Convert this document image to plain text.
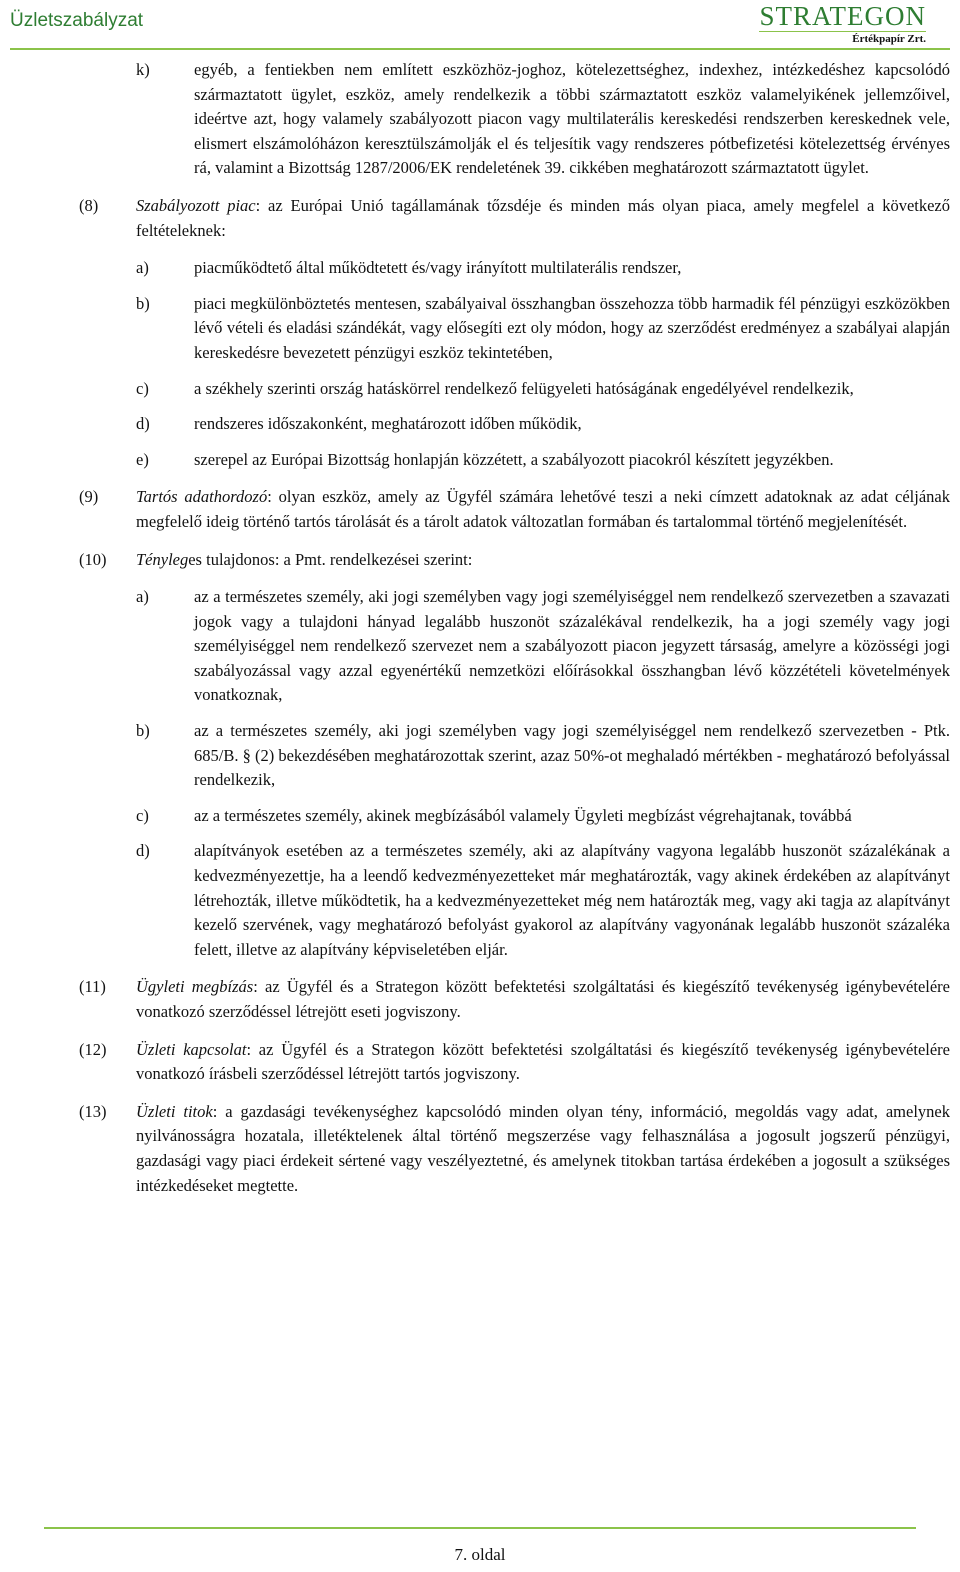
Üzletszabályzat	STRATEGON
Értékpapír Zrt.
k)	egyéb, a fentiekben nem említett eszközhöz-joghoz, kötelezettséghez, indexhez, intézkedéshez kapcsolódó származtatott ügylet, eszköz, amely rendelkezik a többi származtatott eszköz valamelyikének jellemzőivel, ideértve azt, hogy valamely szabályozott piacon vagy multilaterális kereskedési rendszerben kereskednek vele, elismert elszámolóházon keresztülszámolják el és teljesítik vagy rendszeres pótbefizetési kötelezettség érvényes rá, valamint a Bizottság 1287/2006/EK rendeletének 39. cikkében meghatározott származtatott ügylet.
(8)	Szabályozott piac: az Európai Unió tagállamának tőzsdéje és minden más olyan piaca, amely megfelel a következő feltételeknek:
a)	piacműködtető által működtetett és/vagy irányított multilaterális rendszer,
b)	piaci megkülönböztetés mentesen, szabályaival összhangban összehozza több harmadik fél pénzügyi eszközökben lévő vételi és eladási szándékát, vagy elősegíti ezt oly módon, hogy az szerződést eredményez a szabályai alapján kereskedésre bevezetett pénzügyi eszköz tekintetében,
c)	a székhely szerinti ország hatáskörrel rendelkező felügyeleti hatóságának engedélyével rendelkezik,
d)	rendszeres időszakonként, meghatározott időben működik,
e)	szerepel az Európai Bizottság honlapján közzétett, a szabályozott piacokról készített jegyzékben.
(9)	Tartós adathordozó: olyan eszköz, amely az Ügyfél számára lehetővé teszi a neki címzett adatoknak az adat céljának megfelelő ideig történő tartós tárolását és a tárolt adatok változatlan formában és tartalommal történő megjelenítését.
(10)	Tényleges tulajdonos: a Pmt. rendelkezései szerint:
a)	az a természetes személy, aki jogi személyben vagy jogi személyiséggel nem rendelkező szervezetben a szavazati jogok vagy a tulajdoni hányad legalább huszonöt százalékával rendelkezik, ha a jogi személy vagy jogi személyiséggel nem rendelkező szervezet nem a szabályozott piacon jegyzett társaság, amelyre a közösségi jogi szabályozással vagy azzal egyenértékű nemzetközi előírásokkal összhangban lévő közzétételi követelmények vonatkoznak,
b)	az a természetes személy, aki jogi személyben vagy jogi személyiséggel nem rendelkező szervezetben - Ptk. 685/B. § (2) bekezdésében meghatározottak szerint, azaz 50%-ot meghaladó mértékben - meghatározó befolyással rendelkezik,
c)	az a természetes személy, akinek megbízásából valamely Ügyleti megbízást végrehajtanak, továbbá
d)	alapítványok esetében az a természetes személy, aki az alapítvány vagyona legalább huszonöt százalékának a kedvezményezettje, ha a leendő kedvezményezetteket már meghatározták, vagy akinek érdekében az alapítványt létrehozták, illetve működtetik, ha a kedvezményezetteket még nem határozták meg, vagy aki tagja az alapítványt kezelő szervének, vagy meghatározó befolyást gyakorol az alapítvány vagyonának legalább huszonöt százaléka felett, illetve az alapítvány képviseletében eljár.
(11)	Ügyleti megbízás: az Ügyfél és a Strategon között befektetési szolgáltatási és kiegészítő tevékenység igénybevételére vonatkozó szerződéssel létrejött eseti jogviszony.
(12)	Üzleti kapcsolat: az Ügyfél és a Strategon között befektetési szolgáltatási és kiegészítő tevékenység igénybevételére vonatkozó írásbeli szerződéssel létrejött tartós jogviszony.
(13)	Üzleti titok: a gazdasági tevékenységhez kapcsolódó minden olyan tény, információ, megoldás vagy adat, amelynek nyilvánosságra hozatala, illetéktelenek által történő megszerzése vagy felhasználása a jogosult jogszerű pénzügyi, gazdasági vagy piaci érdekeit sértené vagy veszélyeztetné, és amelynek titokban tartása érdekében a jogosult a szükséges intézkedéseket megtette.
7. oldal
